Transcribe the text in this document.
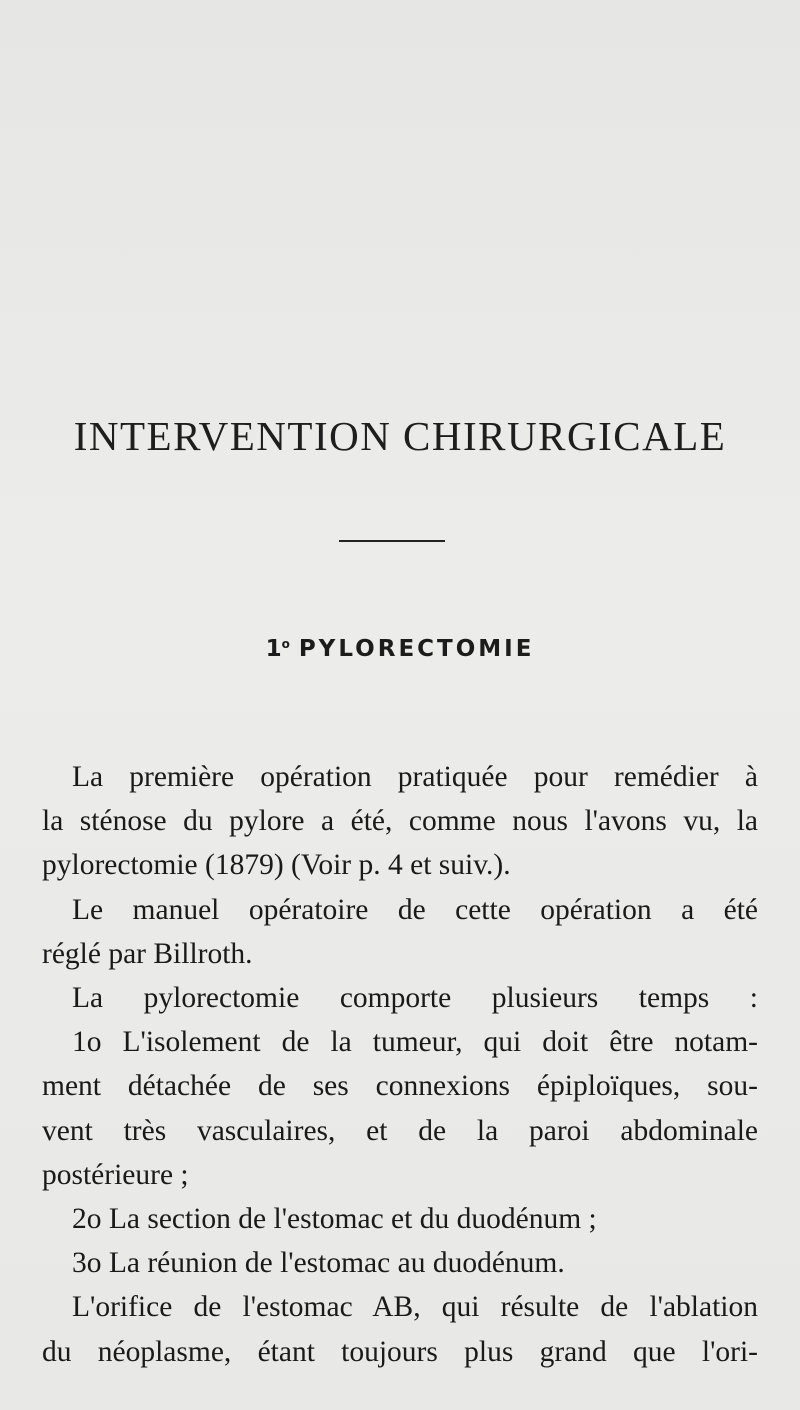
INTERVENTION CHIRURGICALE
1$^o$ PYLORECTOMIE
La première opération pratiquée pour remédier à
la sténose du pylore a été, comme nous l'avons vu, la
pylorectomie (1879) (Voir p. 4 et suiv.).
Le manuel opératoire de cette opération a été
réglé par Billroth.
La pylorectomie comporte plusieurs temps :
1o L'isolement de la tumeur, qui doit être notam-
ment détachée de ses connexions épiploïques, sou-
vent très vasculaires, et de la paroi abdominale
postérieure ;
2o La section de l'estomac et du duodénum ;
3o La réunion de l'estomac au duodénum.
L'orifice de l'estomac AB, qui résulte de l'ablation
du néoplasme, étant toujours plus grand que l'ori-
